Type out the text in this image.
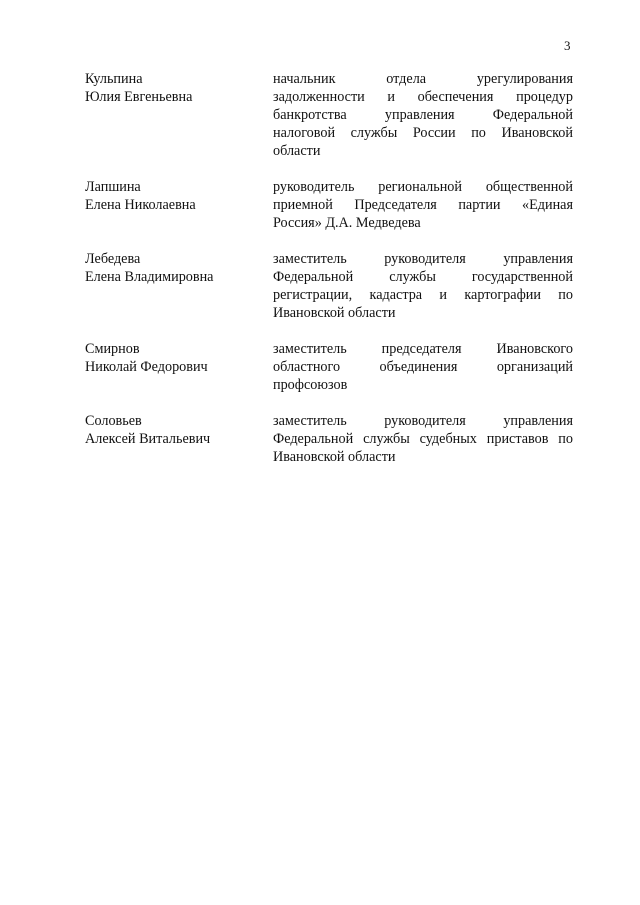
3
Кульпина
Юлия Евгеньевна
начальник отдела урегулирования
задолженности и обеспечения процедур
банкротства управления Федеральной
налоговой службы России по Ивановской
области
Лапшина
Елена Николаевна
руководитель региональной общественной
приемной Председателя партии «Единая
Россия» Д.А. Медведева
Лебедева
Елена Владимировна
заместитель руководителя управления
Федеральной службы государственной
регистрации, кадастра и картографии по
Ивановской области
Смирнов
Николай Федорович
заместитель председателя Ивановского
областного объединения организаций
профсоюзов
Соловьев
Алексей Витальевич
заместитель руководителя управления
Федеральной службы судебных приставов по
Ивановской области
